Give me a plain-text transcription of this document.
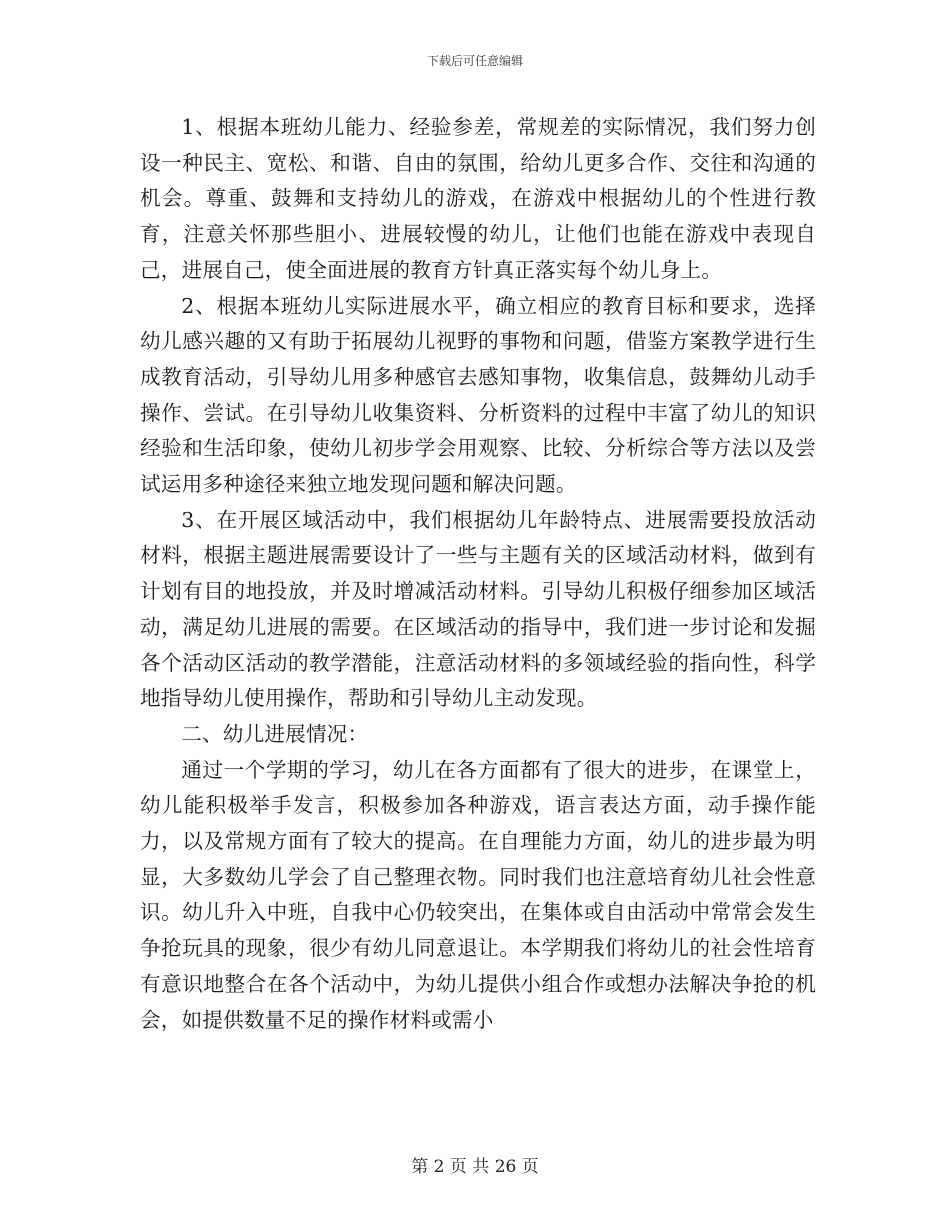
下载后可任意编辑

1、根据本班幼儿能力、经验参差，常规差的实际情况，我们努力创设一种民主、宽松、和谐、自由的氛围，给幼儿更多合作、交往和沟通的机会。尊重、鼓舞和支持幼儿的游戏，在游戏中根据幼儿的个性进行教育，注意关怀那些胆小、进展较慢的幼儿，让他们也能在游戏中表现自己，进展自己，使全面进展的教育方针真正落实每个幼儿身上。

2、根据本班幼儿实际进展水平，确立相应的教育目标和要求，选择幼儿感兴趣的又有助于拓展幼儿视野的事物和问题，借鉴方案教学进行生成教育活动，引导幼儿用多种感官去感知事物，收集信息，鼓舞幼儿动手操作、尝试。在引导幼儿收集资料、分析资料的过程中丰富了幼儿的知识经验和生活印象，使幼儿初步学会用观察、比较、分析综合等方法以及尝试运用多种途径来独立地发现问题和解决问题。

3、在开展区域活动中，我们根据幼儿年龄特点、进展需要投放活动材料，根据主题进展需要设计了一些与主题有关的区域活动材料，做到有计划有目的地投放，并及时增减活动材料。引导幼儿积极仔细参加区域活动，满足幼儿进展的需要。在区域活动的指导中，我们进一步讨论和发掘各个活动区活动的教学潜能，注意活动材料的多领域经验的指向性，科学地指导幼儿使用操作，帮助和引导幼儿主动发现。

二、幼儿进展情况：

通过一个学期的学习，幼儿在各方面都有了很大的进步，在课堂上，幼儿能积极举手发言，积极参加各种游戏，语言表达方面，动手操作能力，以及常规方面有了较大的提高。在自理能力方面，幼儿的进步最为明显，大多数幼儿学会了自己整理衣物。同时我们也注意培育幼儿社会性意识。幼儿升入中班，自我中心仍较突出，在集体或自由活动中常常会发生争抢玩具的现象，很少有幼儿同意退让。本学期我们将幼儿的社会性培育有意识地整合在各个活动中，为幼儿提供小组合作或想办法解决争抢的机会，如提供数量不足的操作材料或需小

第 2 页 共 26 页
